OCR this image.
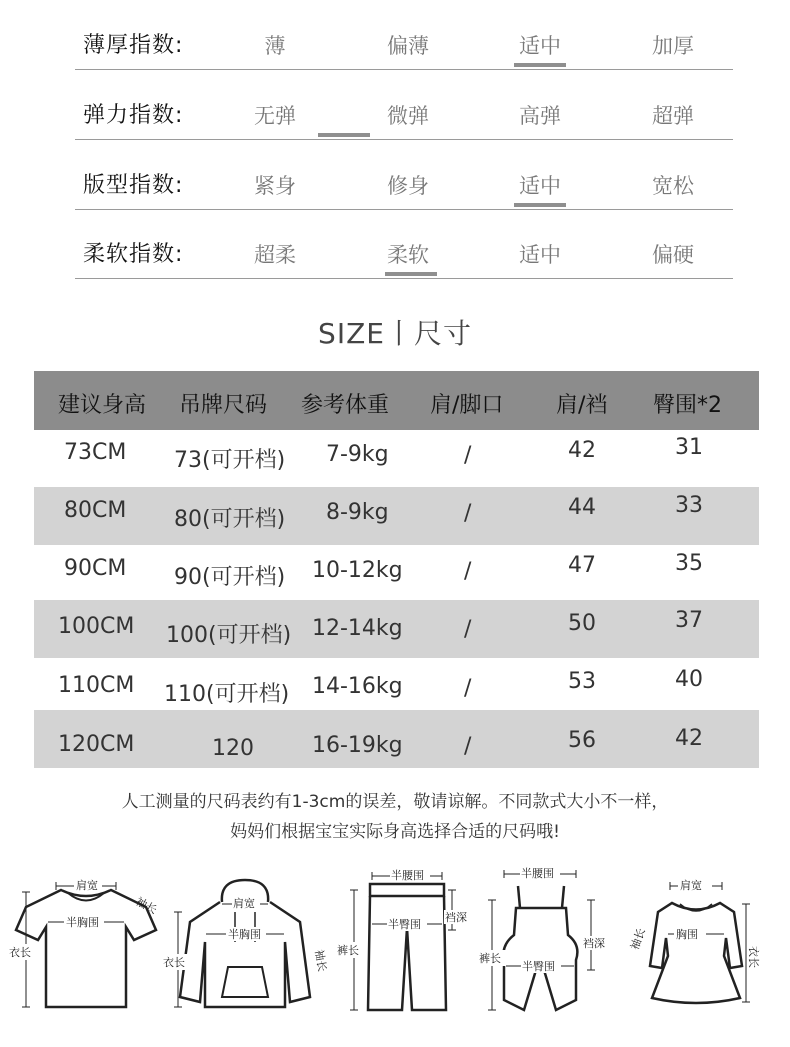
薄厚指数:	薄	偏薄	适中	加厚
弹力指数:	无弹	微弹	高弹	超弹
版型指数:	紧身	修身	适中	宽松
柔软指数:	超柔	柔软	适中	偏硬
SIZE丨尺寸
建议身高 吊牌尺码 参考体重 肩/脚口 肩/裆 臀围*2
73CM 73(可开档) 7-9kg	/	42	31
80CM 80(可开档) 8-9kg	/	44	33
90CM 90(可开档) 10-12kg	/	47	35
100CM 100(可开档) 12-14kg	/	50	37
110CM 110(可开档) 14-16kg	/	53	40
120CM	120	16-19kg	/	56	42
人工测量的尺码表约有1-3cm的误差，敬请谅解。不同款式大小不一样，
妈妈们根据宝宝实际身高选择合适的尺码哦!
肩宽
半胸围
衣长
袖长	肩宽
半胸围
衣长	袖长
半腰围
半臀围
裆深
裤长
半腰围
半臀围
裆深
裤长
肩宽
胸围
衣长
袖长
